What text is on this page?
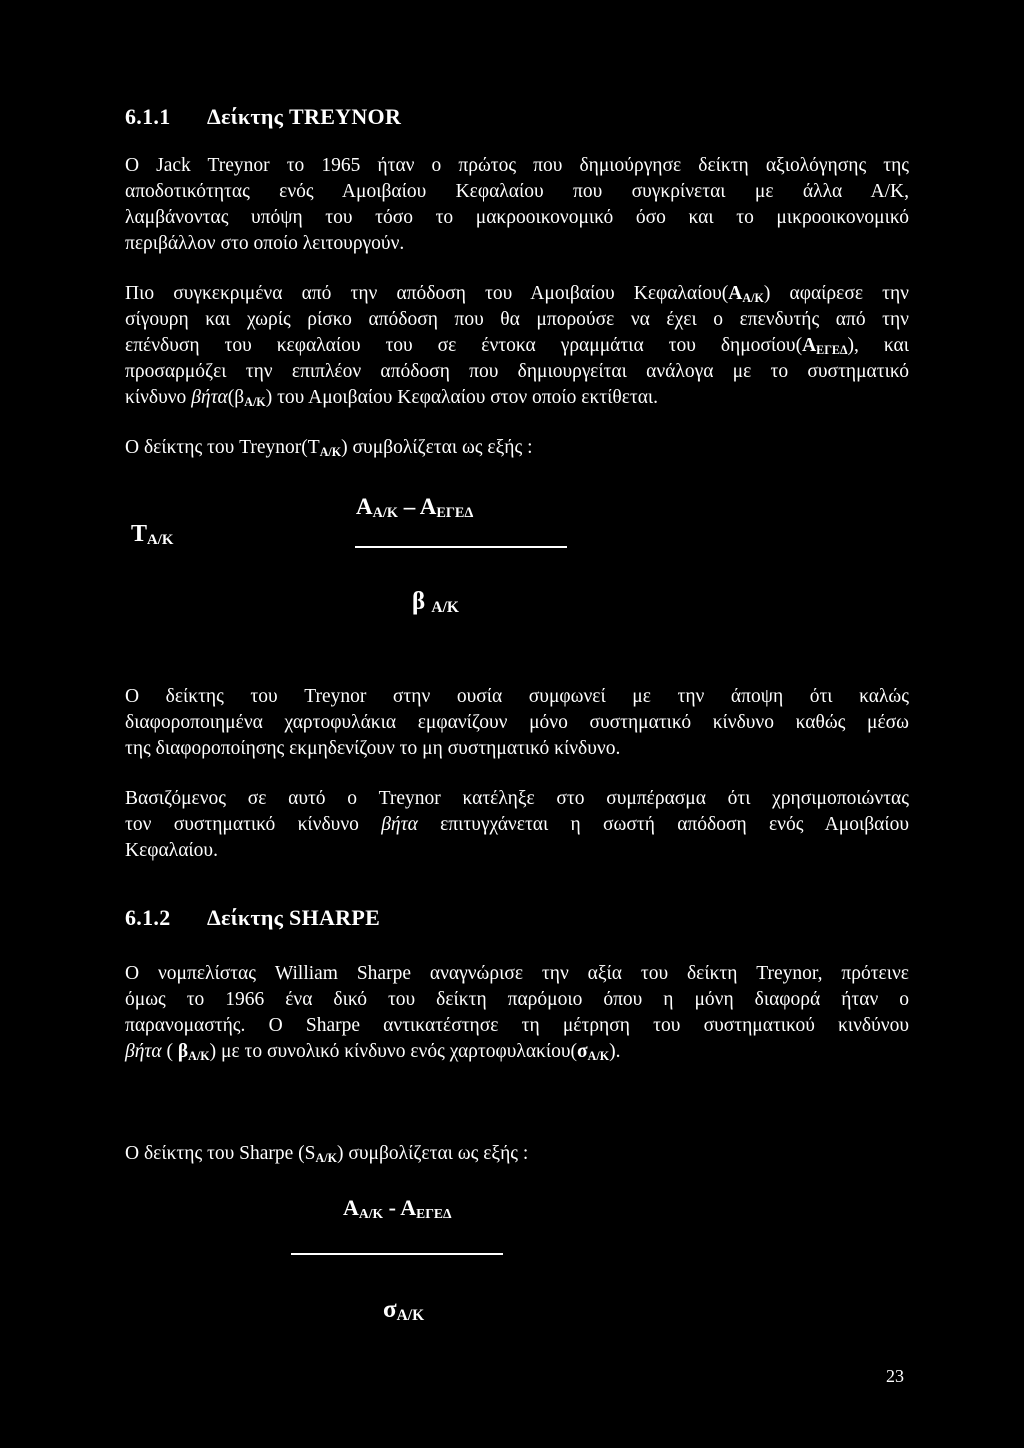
6.1.1 Δείκτης TREYNOR
Ο Jack Treynor το 1965 ήταν ο πρώτος που δημιούργησε δείκτη αξιολόγησης της
αποδοτικότητας ενός Αμοιβαίου Κεφαλαίου που συγκρίνεται με άλλα Α/Κ,
λαμβάνοντας υπόψη του τόσο το μακροοικονομικό όσο και το μικροοικονομικό
περιβάλλον στο οποίο λειτουργούν.
Πιο συγκεκριμένα από την απόδοση του Αμοιβαίου $K\varepsilon\varphi\alpha\lambda\alpha ίo\upsilon(A_{A/K})$ αφαίρεσε την
σίγουρη και χωρίς ρίσκο απόδοση που θα μπορούσε να έχει ο επενδυτής από την
επένδυση του κεφαλαίου του σε έντοκα γραμμάτια του $\delta\eta\mu o\sigma ίo\upsilon(A_{E\Gamma E\Delta})$, και
προσαρμόζει την επιπλέον απόδοση που δημιουργείται ανάλογα με το συστηματικό
κίνδυνο $\beta ή\tau\alpha(\beta_{A/K})$ του Αμοιβαίου Κεφαλαίου στον οποίο εκτίθεται.
Ο δείκτης του $Treynor(T_{A/K})$ συμβολίζεται ως εξής :
$T_{A/K}$
$A_{A/K} - A_{E\Gamma E\Delta}$
β $_{A/K}$
Ο δείκτης του Treynor στην ουσία συμφωνεί με την άποψη ότι καλώς
διαφοροποιημένα χαρτοφυλάκια εμφανίζουν μόνο συστηματικό κίνδυνο καθώς μέσω
της διαφοροποίησης εκμηδενίζουν το μη συστηματικό κίνδυνο.
Βασιζόμενος σε αυτό ο Treynor κατέληξε στο συμπέρασμα ότι χρησιμοποιώντας
τον συστηματικό κίνδυνο βήτα επιτυγχάνεται η σωστή απόδοση ενός Αμοιβαίου
Κεφαλαίου.
6.1.2 Δείκτης SHARPE
Ο νομπελίστας William Sharpe αναγνώρισε την αξία του δείκτη Treynor, πρότεινε
όμως το 1966 ένα δικό του δείκτη παρόμοιο όπου η μόνη διαφορά ήταν ο
παρανομαστής. Ο Sharpe αντικατέστησε τη μέτρηση του συστηματικού κινδύνου
βήτα ( $\beta_{A/K}$) με το συνολικό κίνδυνο ενός $\chi\alpha\rho\tau o\varphi\upsilon\lambda\alpha\kappa ίo\upsilon(\sigma_{A/K})$.
Ο δείκτης του Sharpe $(S_{A/K})$ συμβολίζεται ως εξής :
$A_{A/K} - A_{E\Gamma E\Delta}$
$\sigma_{A/K}$
23
